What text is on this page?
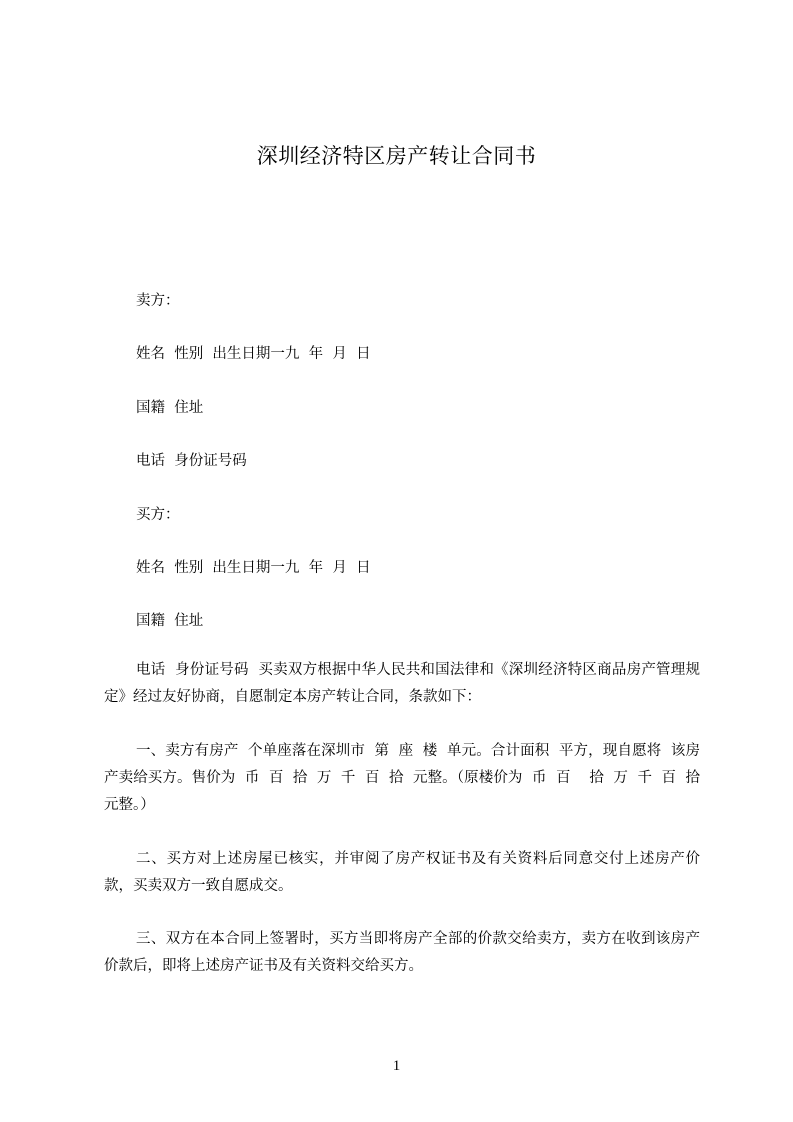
深圳经济特区房产转让合同书
卖方：
姓名  性别  出生日期一九  年  月  日
国籍  住址
电话  身份证号码
买方：
姓名  性别  出生日期一九  年  月  日
国籍  住址
电话  身份证号码  买卖双方根据中华人民共和国法律和《深圳经济特区商品房产管理规定》经过友好协商，自愿制定本房产转让合同，条款如下：
一、卖方有房产  个单座落在深圳市  第  座  楼  单元。合计面积  平方，现自愿将  该房产卖给买方。售价为  币  百  拾  万  千  百  拾  元整。（原楼价为  币  百    拾  万  千  百  拾  元整。）
二、买方对上述房屋已核实，并审阅了房产权证书及有关资料后同意交付上述房产价款，买卖双方一致自愿成交。
三、双方在本合同上签署时，买方当即将房产全部的价款交给卖方，卖方在收到该房产价款后，即将上述房产证书及有关资料交给买方。
1
